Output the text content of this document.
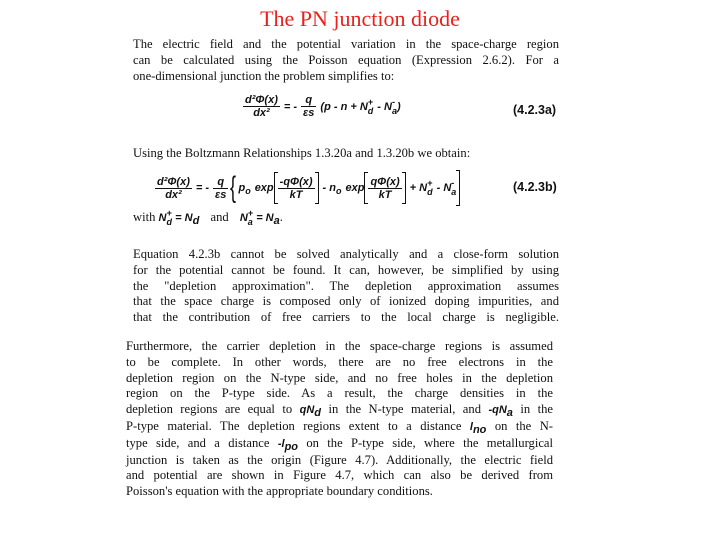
The PN junction diode
The electric field and the potential variation in the space-charge region
can be calculated using the Poisson equation (Expression 2.6.2). For a
one-dimensional junction the problem simplifies to:
$\frac{\text{d²Φ(x)}}{\text{dx²}}$ = - $\frac{q}{\varepsilon s} (p - n + N$ +
d - N -
a )	(4.2.3a)
Using the Boltzmann Relationships 1.3.20a and 1.3.20b we obtain:
$\frac{\text{d²Φ(x)}}{\text{dx²}}$ = - $\frac{q}{\varepsilon s}$ { p o $\exp \frac{-q\Phi(x)}{kT}$ - n o $\exp \frac{q\Phi(x)}{kT} + N$ +
d - N -
a	(4.2.3b)
with N +
d = Nd and N +
a = Na.
Equation 4.2.3b cannot be solved analytically and a close-form solution
for the potential cannot be found. It can, however, be simplified by using
the "depletion approximation". The depletion approximation assumes
that the space charge is composed only of ionized doping impurities, and
that the contribution of free carriers to the local charge is negligible.
Furthermore, the carrier depletion in the space-charge regions is assumed
to be complete. In other words, there are no free electrons in the
depletion region on the N-type side, and no free holes in the depletion
region on the P-type side. As a result, the charge densities in the
depletion regions are equal to qNd in the N-type material, and -qNa in the
P-type material. The depletion regions extent to a distance lno on the N-
type side, and a distance -lpo on the P-type side, where the metallurgical
junction is taken as the origin (Figure 4.7). Additionally, the electric field
and potential are shown in Figure 4.7, which can also be derived from
Poisson's equation with the appropriate boundary conditions.
